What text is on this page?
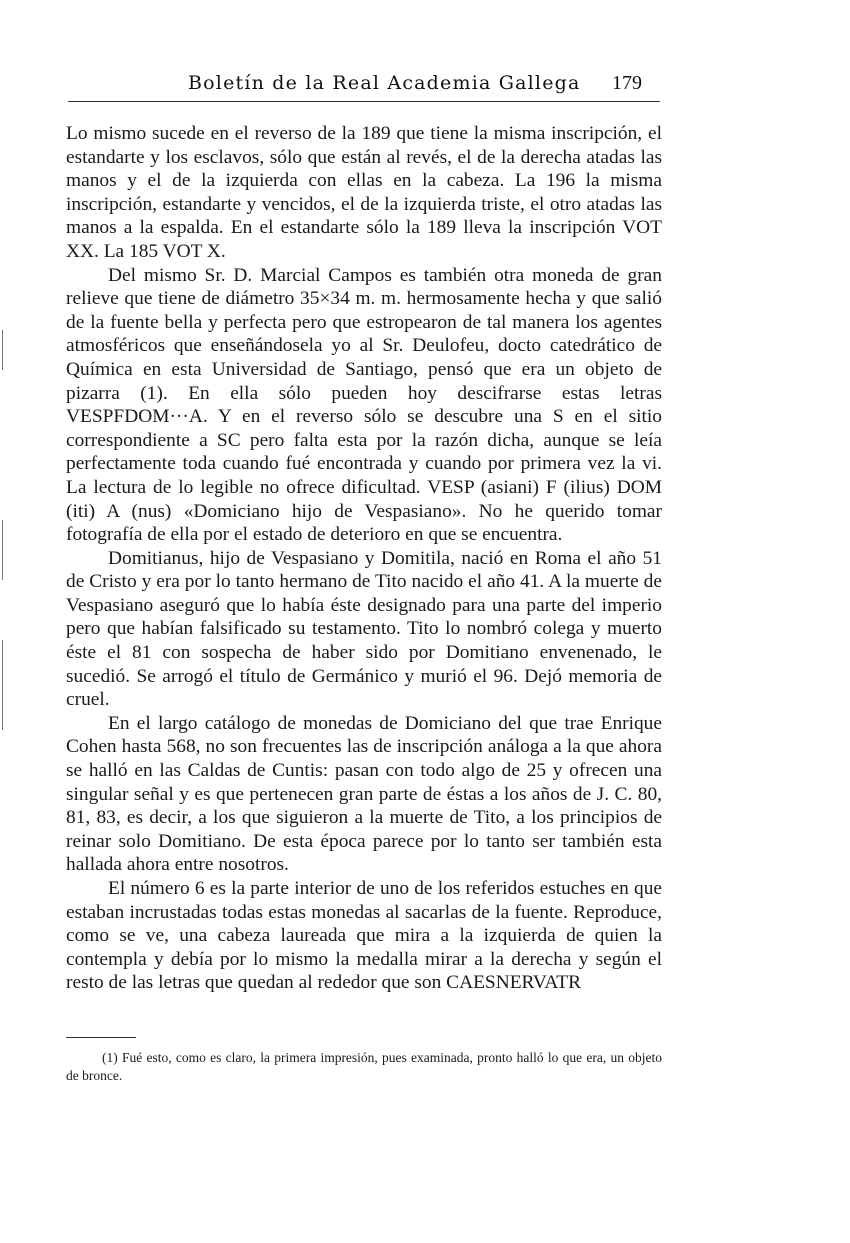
Boletín de la Real Academia Gallega 179

Lo mismo sucede en el reverso de la 189 que tiene la misma inscripción, el estandarte y los esclavos, sólo que están al revés, el de la derecha atadas las manos y el de la izquierda con ellas en la cabeza. La 196 la misma inscripción, estandarte y vencidos, el de la izquierda triste, el otro atadas las manos a la espalda. En el estandarte sólo la 189 lleva la inscripción VOT XX. La 185 VOT X.

Del mismo Sr. D. Marcial Campos es también otra moneda de gran relieve que tiene de diámetro 35×34 m. m. hermosamente hecha y que salió de la fuente bella y perfecta pero que estropearon de tal manera los agentes atmosféricos que enseñándosela yo al Sr. Deulofeu, docto catedrático de Química en esta Universidad de Santiago, pensó que era un objeto de pizarra (1). En ella sólo pueden hoy descifrarse estas letras VESPFDOM···A. Y en el reverso sólo se descubre una S en el sitio correspondiente a SC pero falta esta por la razón dicha, aunque se leía perfectamente toda cuando fué encontrada y cuando por primera vez la vi. La lectura de lo legible no ofrece dificultad. VESP (asiani) F (ilius) DOM (iti) A (nus) «Domiciano hijo de Vespasiano». No he querido tomar fotografía de ella por el estado de deterioro en que se encuentra.

Domitianus, hijo de Vespasiano y Domitila, nació en Roma el año 51 de Cristo y era por lo tanto hermano de Tito nacido el año 41. A la muerte de Vespasiano aseguró que lo había éste designado para una parte del imperio pero que habían falsificado su testamento. Tito lo nombró colega y muerto éste el 81 con sospecha de haber sido por Domitiano envenenado, le sucedió. Se arrogó el título de Germánico y murió el 96. Dejó memoria de cruel.

En el largo catálogo de monedas de Domiciano del que trae Enrique Cohen hasta 568, no son frecuentes las de inscripción análoga a la que ahora se halló en las Caldas de Cuntis: pasan con todo algo de 25 y ofrecen una singular señal y es que pertenecen gran parte de éstas a los años de J. C. 80, 81, 83, es decir, a los que siguieron a la muerte de Tito, a los principios de reinar solo Domitiano. De esta época parece por lo tanto ser también esta hallada ahora entre nosotros.

El número 6 es la parte interior de uno de los referidos estuches en que estaban incrustadas todas estas monedas al sacarlas de la fuente. Reproduce, como se ve, una cabeza laureada que mira a la izquierda de quien la contempla y debía por lo mismo la medalla mirar a la derecha y según el resto de las letras que quedan al rededor que son CAESNERVATR

(1) Fué esto, como es claro, la primera impresión, pues examinada, pronto halló lo que era, un objeto de bronce.
